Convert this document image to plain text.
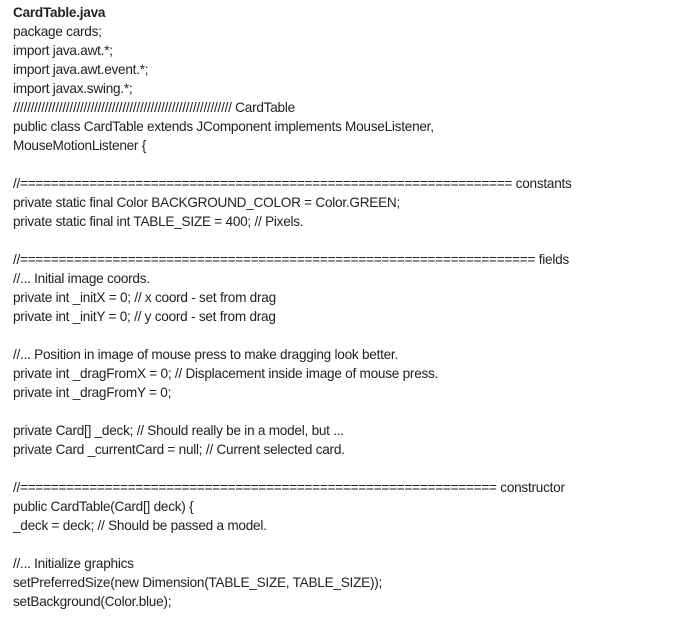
CardTable.java
package cards;
import java.awt.*;
import java.awt.event.*;
import javax.swing.*;
////////////////////////////////////////////////////////////// CardTable
public class CardTable extends JComponent implements MouseListener,
MouseMotionListener {
//================================================================ constants
private static final Color BACKGROUND_COLOR = Color.GREEN;
private static final int TABLE_SIZE = 400; // Pixels.
//=================================================================== fields
//... Initial image coords.
private int _initX = 0; // x coord - set from drag
private int _initY = 0; // y coord - set from drag
//... Position in image of mouse press to make dragging look better.
private int _dragFromX = 0; // Displacement inside image of mouse press.
private int _dragFromY = 0;
private Card[] _deck; // Should really be in a model, but ...
private Card _currentCard = null; // Current selected card.
//============================================================== constructor
public CardTable(Card[] deck) {
_deck = deck; // Should be passed a model.
//... Initialize graphics
setPreferredSize(new Dimension(TABLE_SIZE, TABLE_SIZE));
setBackground(Color.blue);
